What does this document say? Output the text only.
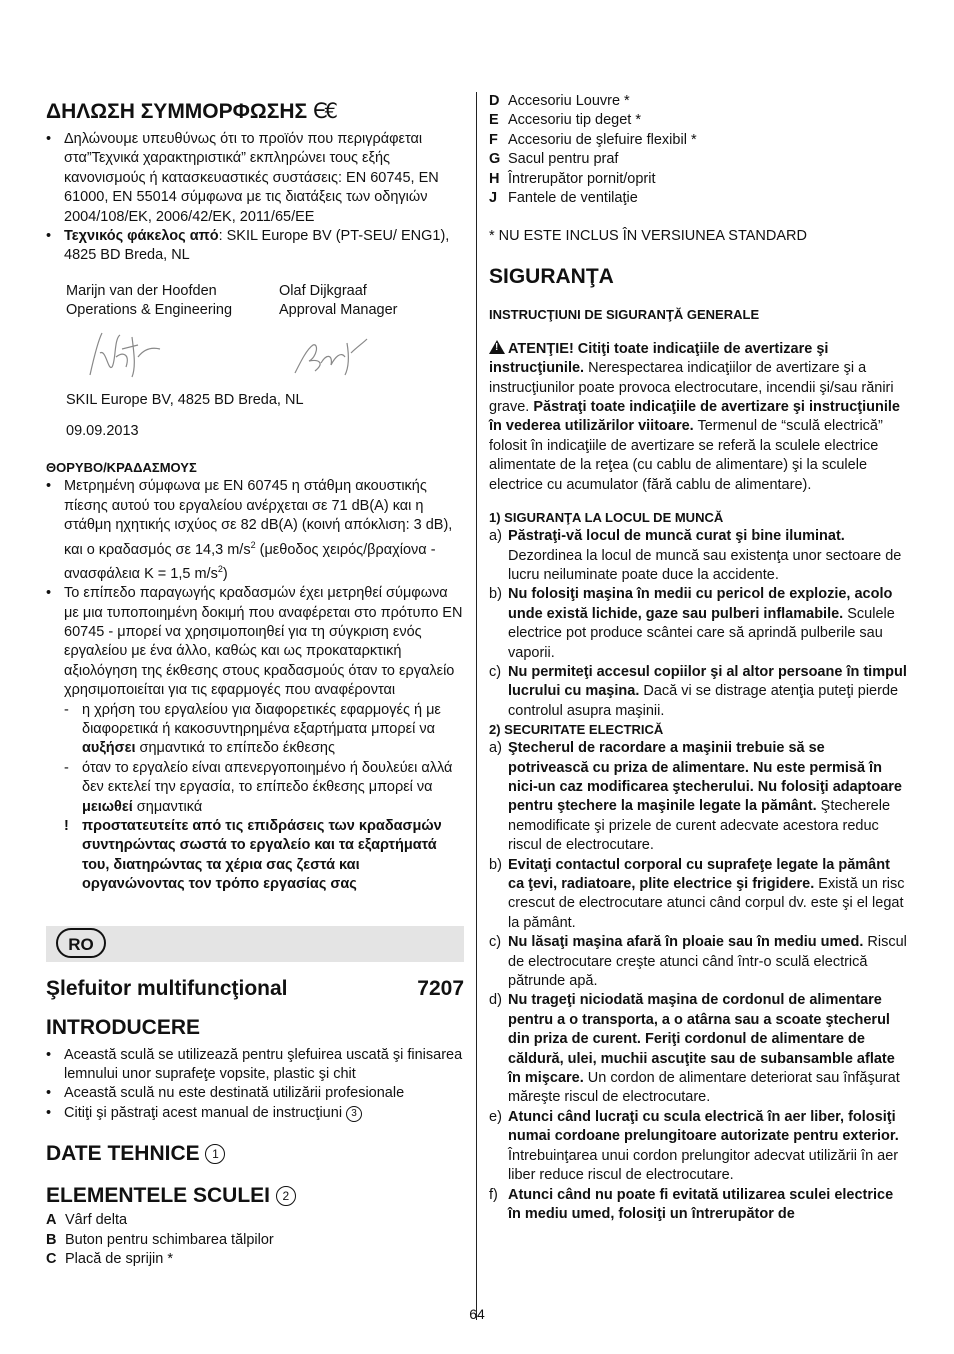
ΔΗΛΩΣΗ ΣΥΜΜΟΡΦΩΣΗΣ Є€
• Δηλώνουμε υπευθύνως ότι το προϊόν που περιγράφεται στα”Τεχνικά χαρακτηριστικά” εκπληρώνει τους εξής κανονισμούς ή κατασκευαστικές συστάσεις: EN 60745, EN 61000, EN 55014 σύμφωνα με τις διατάξεις των οδηγιών 2004/108/EK, 2006/42/EK, 2011/65/EE
• Τεχνικός φάκελος από: SKIL Europe BV (PT-SEU/ ENG1), 4825 BD Breda, NL
Marijn van der Hoofden
Operations & Engineering
Olaf Dijkgraaf
Approval Manager
SKIL Europe BV, 4825 BD Breda, NL
09.09.2013
ΘΟΡΥΒΟ/ΚΡΑΔΑΣΜΟΥΣ
• Μετρημένη σύμφωνα με EN 60745 η στάθμη ακουστικής πίεσης αυτού του εργαλείου ανέρχεται σε 71 dB(A) και η στάθμη ηχητικής ισχύος σε 82 dB(A) (κοινή απόκλιση: 3 dB), και ο κραδασμός σε 14,3 $m/s^2$ (μεθοδος χειρός/βραχίονα - ανασφάλεια K = 1,5 $m/s^2$)
• Το επίπεδο παραγωγής κραδασμών έχει μετρηθεί σύμφωνα με μια τυποποιημένη δοκιμή που αναφέρεται στο πρότυπο EN 60745 - μπορεί να χρησιμοποιηθεί για τη σύγκριση ενός εργαλείου με ένα άλλο, καθώς και ως προκαταρκτική αξιολόγηση της έκθεσης στους κραδασμούς όταν το εργαλείο χρησιμοποιείται για τις εφαρμογές που αναφέρονται
- η χρήση του εργαλείου για διαφορετικές εφαρμογές ή με διαφορετικά ή κακοσυντηρημένα εξαρτήματα μπορεί να αυξήσει σημαντικά το επίπεδο έκθεσης
- όταν το εργαλείο είναι απενεργοποιημένο ή δουλεύει αλλά δεν εκτελεί την εργασία, το επίπεδο έκθεσης μπορεί να μειωθεί σημαντικά
! προστατευτείτε από τις επιδράσεις των κραδασμών συντηρώντας σωστά το εργαλείο και τα εξαρτήματά του, διατηρώντας τα χέρια σας ζεστά και οργανώνοντας τον τρόπο εργασίας σας
RO
Şlefuitor multifuncţional	7207
INTRODUCERE
• Această sculă se utilizează pentru şlefuirea uscată şi finisarea lemnului unor suprafeţe vopsite, plastic şi chit
• Această sculă nu este destinată utilizării profesionale
• Citiţi şi păstraţi acest manual de instrucţiuni 3
DATE TEHNICE 1
ELEMENTELE SCULEI 2
A Vârf delta
B Buton pentru schimbarea tălpilor
C Placă de sprijin *
D Accesoriu Louvre *
E Accesoriu tip deget *
F Accesoriu de şlefuire flexibil *
G Sacul pentru praf
H Întrerupător pornit/oprit
J Fantele de ventilaţie
* NU ESTE INCLUS ÎN VERSIUNEA STANDARD
SIGURANŢA
INSTRUCŢIUNI DE SIGURANŢĂ GENERALE
!ATENŢIE! Citiţi toate indicaţiile de avertizare şi instrucţiunile. Nerespectarea indicaţiilor de avertizare şi a instrucţiunilor poate provoca electrocutare, incendii şi/sau răniri grave. Păstraţi toate indicaţiile de avertizare şi instrucţiunile în vederea utilizărilor viitoare. Termenul de “sculă electrică” folosit în indicaţiile de avertizare se referă la sculele electrice alimentate de la reţea (cu cablu de alimentare) şi la sculele electrice cu acumulator (fără cablu de alimentare).
1) SIGURANŢA LA LOCUL DE MUNCĂ
a) Păstraţi-vă locul de muncă curat şi bine iluminat. Dezordinea la locul de muncă sau existenţa unor sectoare de lucru neiluminate poate duce la accidente.
b) Nu folosiţi maşina în medii cu pericol de explozie, acolo unde există lichide, gaze sau pulberi inflamabile. Sculele electrice pot produce scântei care să aprindă pulberile sau vaporii.
c) Nu permiteţi accesul copiilor şi al altor persoane în timpul lucrului cu maşina. Dacă vi se distrage atenţia puteţi pierde controlul asupra maşinii.
2) SECURITATE ELECTRICĂ
a) Ştecherul de racordare a maşinii trebuie să se potrivească cu priza de alimentare. Nu este permisă în nici-un caz modificarea ştecherului. Nu folosiţi adaptoare pentru ştechere la maşinile legate la pământ. Ştecherele nemodificate şi prizele de curent adecvate acestora reduc riscul de electrocutare.
b) Evitaţi contactul corporal cu suprafeţe legate la pământ ca ţevi, radiatoare, plite electrice şi frigidere. Există un risc crescut de electrocutare atunci când corpul dv. este şi el legat la pământ.
c) Nu lăsaţi maşina afară în ploaie sau în mediu umed. Riscul de electrocutare creşte atunci când într-o sculă electrică pătrunde apă.
d) Nu trageţi niciodată maşina de cordonul de alimentare pentru a o transporta, a o atârna sau a scoate ştecherul din priza de curent. Feriţi cordonul de alimentare de căldură, ulei, muchii ascuţite sau de subansamble aflate în mişcare. Un cordon de alimentare deteriorat sau înfăşurat măreşte riscul de electrocutare.
e) Atunci când lucraţi cu scula electrică în aer liber, folosiţi numai cordoane prelungitoare autorizate pentru exterior. Întrebuinţarea unui cordon prelungitor adecvat utilizării în aer liber reduce riscul de electrocutare.
f) Atunci când nu poate fi evitată utilizarea sculei electrice în mediu umed, folosiţi un întrerupător de
64
